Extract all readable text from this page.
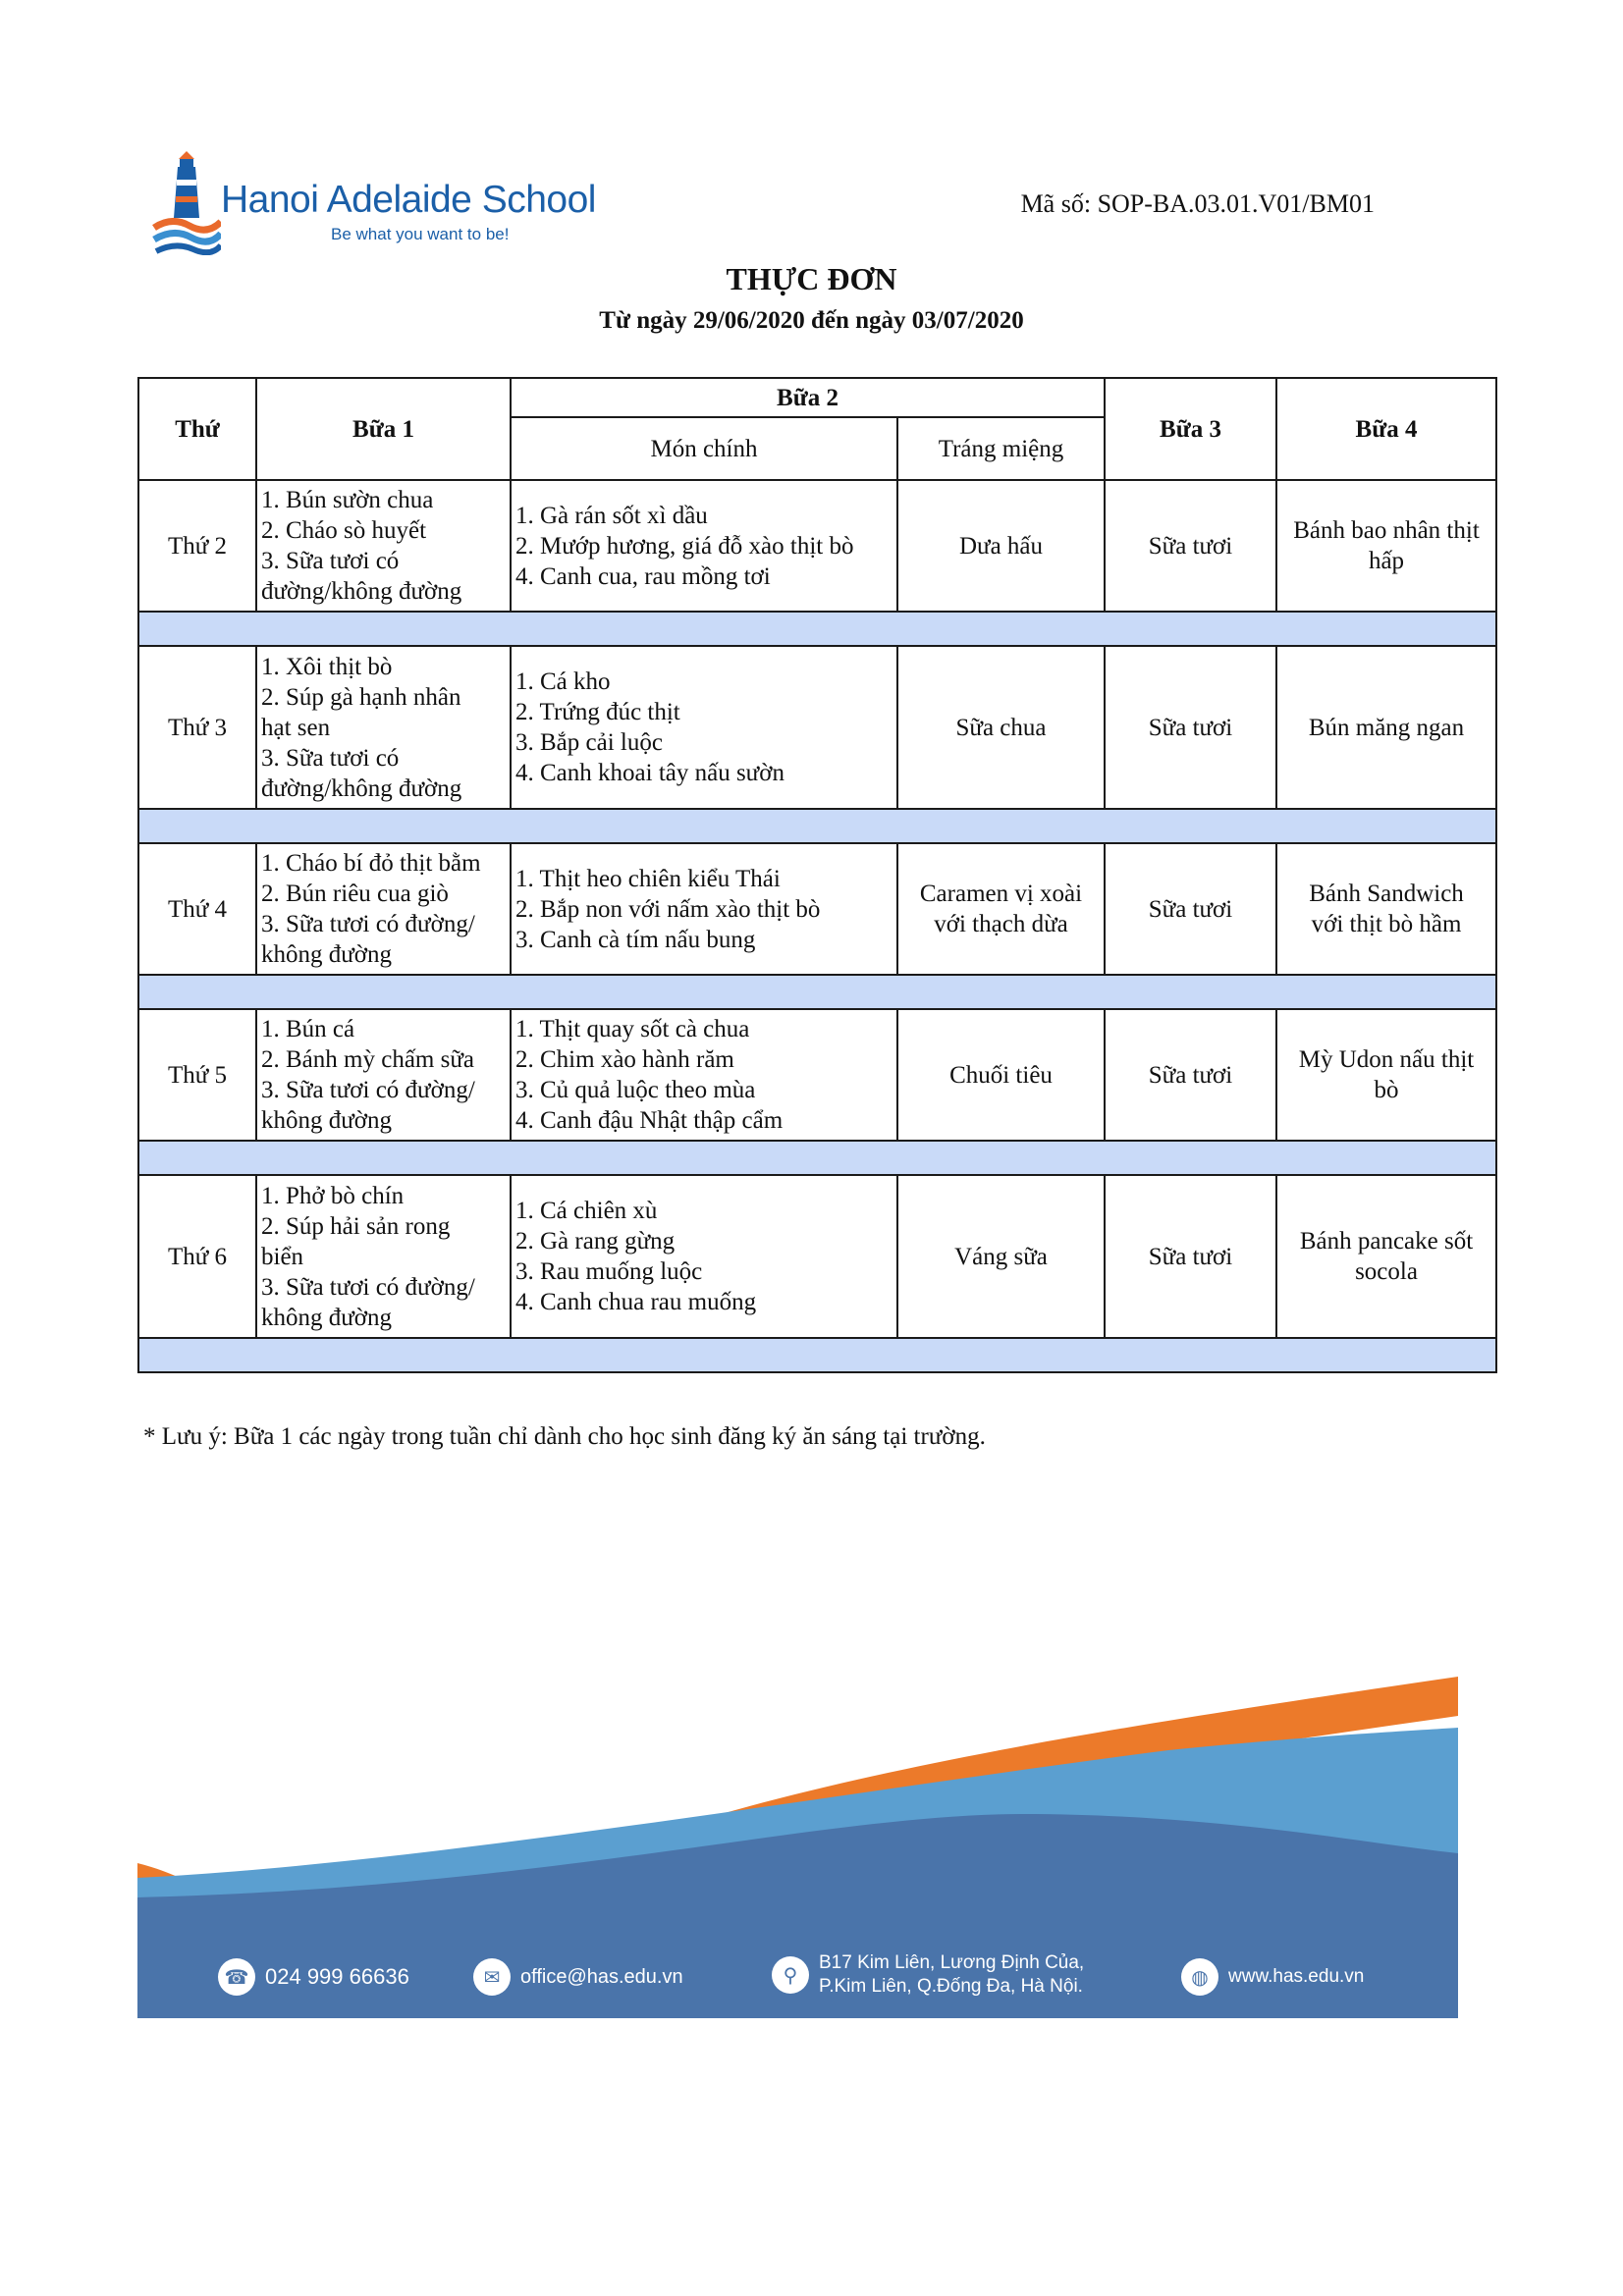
Hanoi Adelaide School
Be what you want to be!
Mã số: SOP-BA.03.01.V01/BM01
THỰC ĐƠN
Từ ngày 29/06/2020 đến ngày 03/07/2020
Thứ	Bữa 1	Bữa 2		Bữa 3	Bữa 4
		Món chính	Tráng miệng		
Thứ 2	1. Bún sườn chua
2. Cháo sò huyết
3. Sữa tươi có
đường/không đường	1. Gà rán sốt xì dầu
2. Mướp hương, giá đỗ xào thịt bò
4. Canh cua, rau mồng tơi	Dưa hấu	Sữa tươi	Bánh bao nhân thịt
hấp

Thứ 3	1. Xôi thịt bò
2. Súp gà hạnh nhân
hạt sen
3. Sữa tươi có
đường/không đường	1. Cá kho
2. Trứng đúc thịt
3. Bắp cải luộc
4. Canh khoai tây nấu sườn	Sữa chua	Sữa tươi	Bún măng ngan

Thứ 4	1. Cháo bí đỏ thịt bằm
2. Bún riêu cua giò
3. Sữa tươi có đường/
không đường	1. Thịt heo chiên kiểu Thái
2. Bắp non với nấm xào thịt bò
3. Canh cà tím nấu bung	Caramen vị xoài
với thạch dừa	Sữa tươi	Bánh Sandwich
với thịt bò hầm

Thứ 5	1. Bún cá
2. Bánh mỳ chấm sữa
3. Sữa tươi có đường/
không đường	1. Thịt quay sốt cà chua
2. Chim xào hành răm
3. Củ quả luộc theo mùa
4. Canh đậu Nhật thập cẩm	Chuối tiêu	Sữa tươi	Mỳ Udon nấu thịt
bò

Thứ 6	1. Phở bò chín
2. Súp hải sản rong
biển
3. Sữa tươi có đường/
không đường	1. Cá chiên xù
2. Gà rang gừng
3. Rau muống luộc
4. Canh chua rau muống	Váng sữa	Sữa tươi	Bánh pancake sốt
socola

* Lưu ý: Bữa 1 các ngày trong tuần chỉ dành cho học sinh đăng ký ăn sáng tại trường.
☎ 024 999 66636	✉	office@has.edu.vn	⚲
B17 Kim Liên, Lương Định Của,
P.Kim Liên, Q.Đống Đa, Hà Nội.	◍	www.has.edu.vn
